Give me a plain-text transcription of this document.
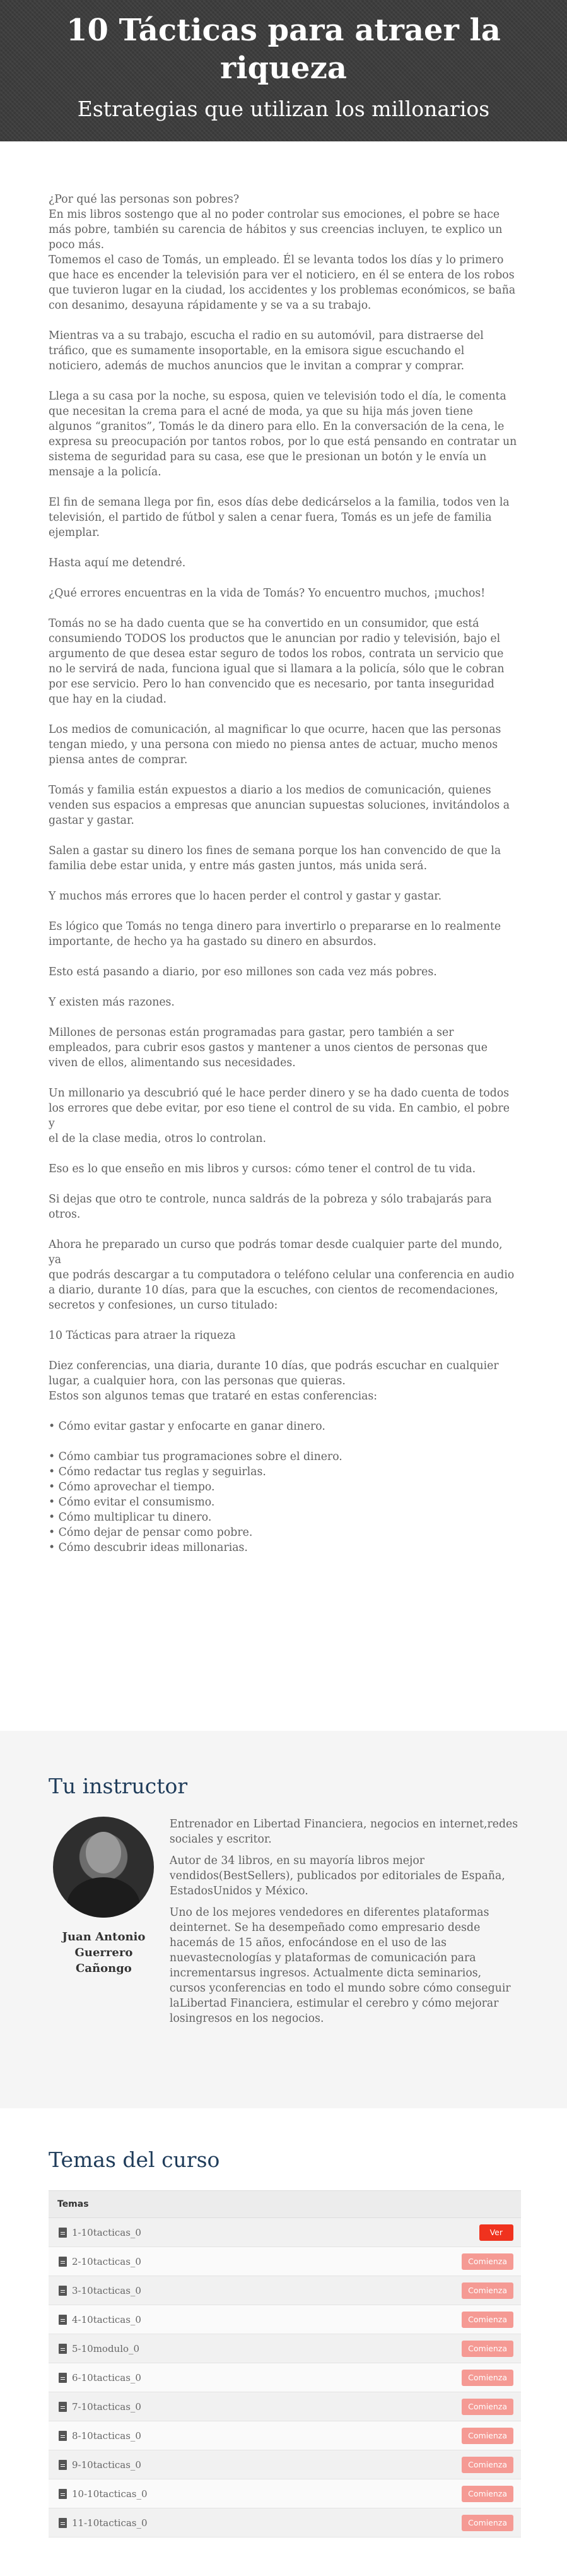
10 Tácticas para atraer la riqueza
Estrategias que utilizan los millonarios

¿Por qué las personas son pobres?
En mis libros sostengo que al no poder controlar sus emociones, el pobre se hace
más pobre, también su carencia de hábitos y sus creencias incluyen, te explico un
poco más.
Tomemos el caso de Tomás, un empleado. Él se levanta todos los días y lo primero
que hace es encender la televisión para ver el noticiero, en él se entera de los robos
que tuvieron lugar en la ciudad, los accidentes y los problemas económicos, se baña
con desanimo, desayuna rápidamente y se va a su trabajo.

Mientras va a su trabajo, escucha el radio en su automóvil, para distraerse del
tráfico, que es sumamente insoportable, en la emisora sigue escuchando el
noticiero, además de muchos anuncios que le invitan a comprar y comprar.

Llega a su casa por la noche, su esposa, quien ve televisión todo el día, le comenta
que necesitan la crema para el acné de moda, ya que su hija más joven tiene
algunos “granitos”, Tomás le da dinero para ello. En la conversación de la cena, le
expresa su preocupación por tantos robos, por lo que está pensando en contratar un
sistema de seguridad para su casa, ese que le presionan un botón y le envía un
mensaje a la policía.

El fin de semana llega por fin, esos días debe dedicárselos a la familia, todos ven la
televisión, el partido de fútbol y salen a cenar fuera, Tomás es un jefe de familia
ejemplar.

Hasta aquí me detendré.

¿Qué errores encuentras en la vida de Tomás? Yo encuentro muchos, ¡muchos!

Tomás no se ha dado cuenta que se ha convertido en un consumidor, que está
consumiendo TODOS los productos que le anuncian por radio y televisión, bajo el
argumento de que desea estar seguro de todos los robos, contrata un servicio que
no le servirá de nada, funciona igual que si llamara a la policía, sólo que le cobran
por ese servicio. Pero lo han convencido que es necesario, por tanta inseguridad
que hay en la ciudad.

Los medios de comunicación, al magnificar lo que ocurre, hacen que las personas
tengan miedo, y una persona con miedo no piensa antes de actuar, mucho menos
piensa antes de comprar.

Tomás y familia están expuestos a diario a los medios de comunicación, quienes
venden sus espacios a empresas que anuncian supuestas soluciones, invitándolos a
gastar y gastar.

Salen a gastar su dinero los fines de semana porque los han convencido de que la
familia debe estar unida, y entre más gasten juntos, más unida será.

Y muchos más errores que lo hacen perder el control y gastar y gastar.

Es lógico que Tomás no tenga dinero para invertirlo o prepararse en lo realmente
importante, de hecho ya ha gastado su dinero en absurdos.

Esto está pasando a diario, por eso millones son cada vez más pobres.

Y existen más razones.

Millones de personas están programadas para gastar, pero también a ser
empleados, para cubrir esos gastos y mantener a unos cientos de personas que
viven de ellos, alimentando sus necesidades.

Un millonario ya descubrió qué le hace perder dinero y se ha dado cuenta de todos
los errores que debe evitar, por eso tiene el control de su vida. En cambio, el pobre y
el de la clase media, otros lo controlan.

Eso es lo que enseño en mis libros y cursos: cómo tener el control de tu vida.

Si dejas que otro te controle, nunca saldrás de la pobreza y sólo trabajarás para
otros.

Ahora he preparado un curso que podrás tomar desde cualquier parte del mundo, ya
que podrás descargar a tu computadora o teléfono celular una conferencia en audio
a diario, durante 10 días, para que la escuches, con cientos de recomendaciones,
secretos y confesiones, un curso titulado:

10 Tácticas para atraer la riqueza

Diez conferencias, una diaria, durante 10 días, que podrás escuchar en cualquier
lugar, a cualquier hora, con las personas que quieras.
Estos son algunos temas que trataré en estas conferencias:

• Cómo evitar gastar y enfocarte en ganar dinero.

• Cómo cambiar tus programaciones sobre el dinero.
• Cómo redactar tus reglas y seguirlas.
• Cómo aprovechar el tiempo.
• Cómo evitar el consumismo.
• Cómo multiplicar tu dinero.
• Cómo dejar de pensar como pobre.
• Cómo descubrir ideas millonarias.

Tu instructor
Juan Antonio
Guerrero
Cañongo

Entrenador en Libertad Financiera, negocios en internet,redes sociales y escritor.

Autor de 34 libros, en su mayoría libros mejor vendidos(BestSellers), publicados por editoriales de España, EstadosUnidos y México.

Uno de los mejores vendedores en diferentes plataformas deinternet. Se ha desempeñado como empresario desde hacemás de 15 años, enfocándose en el uso de las nuevastecnologías y plataformas de comunicación para incrementarsus ingresos. Actualmente dicta seminarios, cursos yconferencias en todo el mundo sobre cómo conseguir laLibertad Financiera, estimular el cerebro y cómo mejorar losingresos en los negocios.

Temas del curso
Temas
1-10tacticas_0	Ver
2-10tacticas_0	Comienza
3-10tacticas_0	Comienza
4-10tacticas_0	Comienza
5-10modulo_0	Comienza
6-10tacticas_0	Comienza
7-10tacticas_0	Comienza
8-10tacticas_0	Comienza
9-10tacticas_0	Comienza
10-10tacticas_0	Comienza
11-10tacticas_0	Comienza
